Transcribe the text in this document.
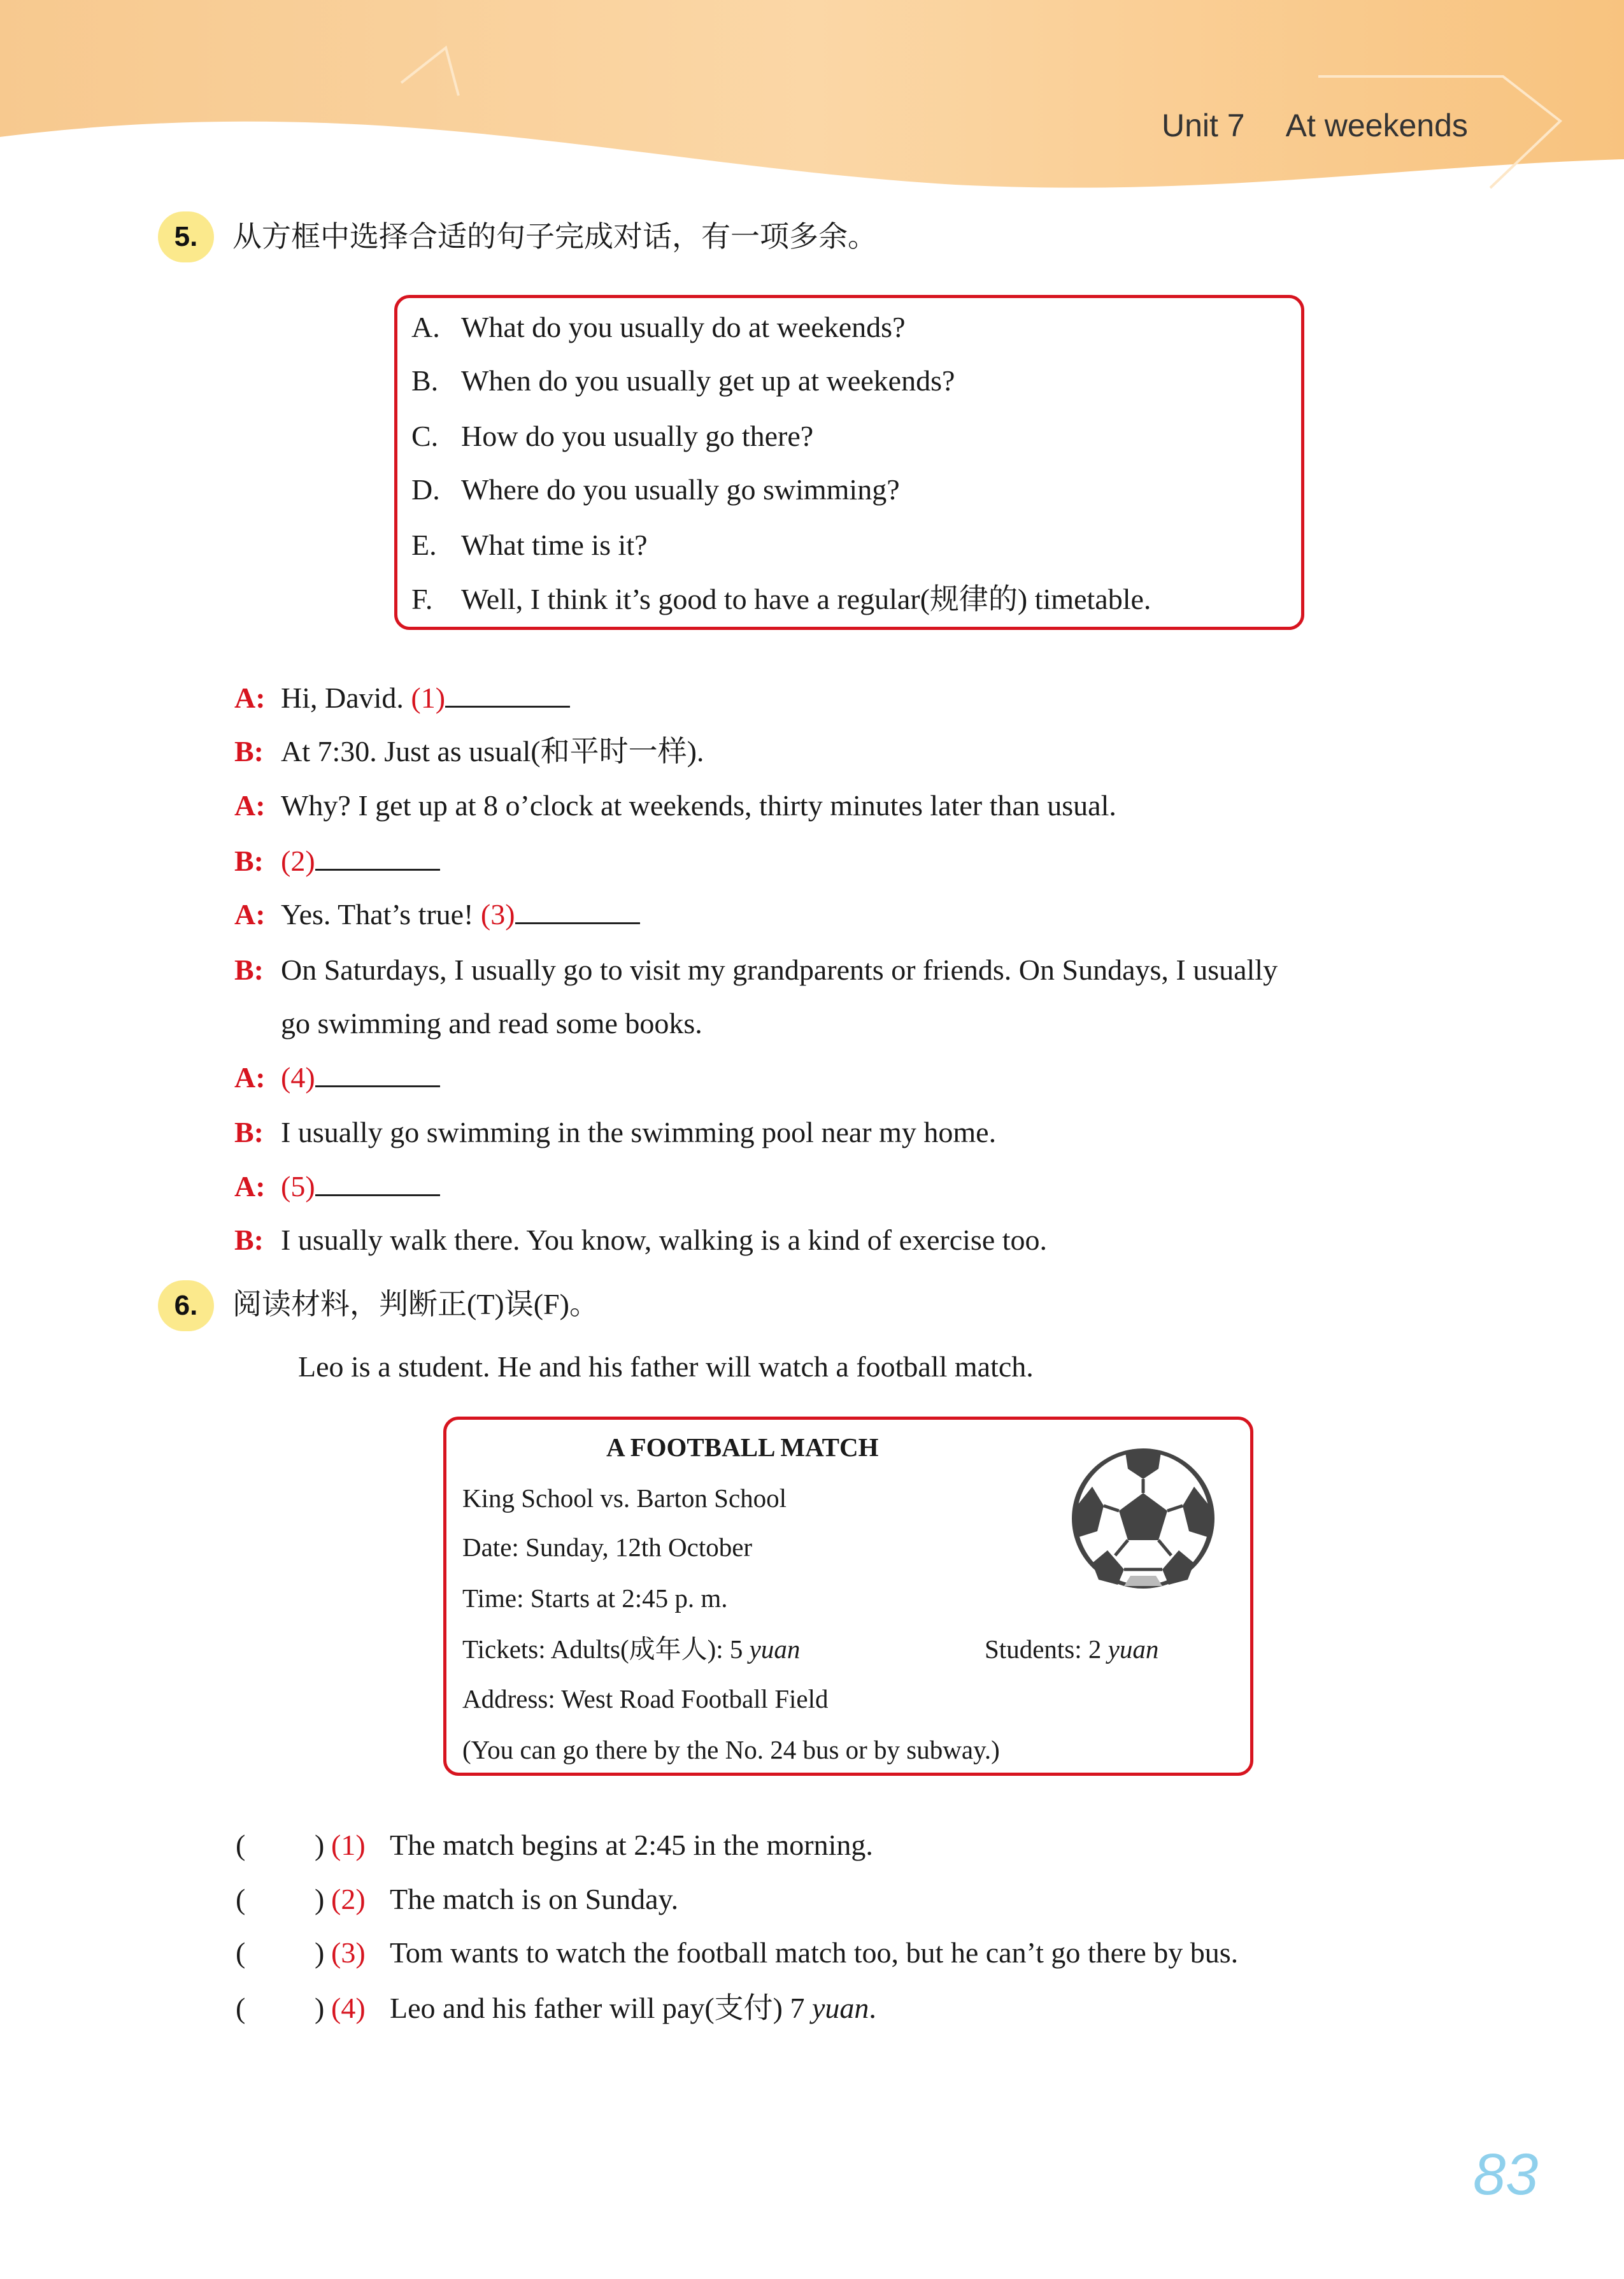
Unit 7 At weekends
5.	从方框中选择合适的句子完成对话，有一项多余。
A. What do you usually do at weekends?
B. When do you usually get up at weekends?
C. How do you usually go there?
D. Where do you usually go swimming?
E. What time is it?
F. Well, I think it’s good to have a regular(规律的) timetable.
A: Hi, David. (1)
B: At 7:30. Just as usual(和平时一样).
A: Why? I get up at 8 o’clock at weekends, thirty minutes later than usual.
B: (2)
A: Yes. That’s true! (3)
B: On Saturdays, I usually go to visit my grandparents or friends. On Sundays, I usually
go swimming and read some books.
A: (4)
B: I usually go swimming in the swimming pool near my home.
A: (5)
B: I usually walk there. You know, walking is a kind of exercise too.
6.	阅读材料，判断正(T)误(F)。
Leo is a student. He and his father will watch a football match.
A FOOTBALL MATCH
King School vs. Barton School
Date: Sunday, 12th October
Time: Starts at 2:45 p. m.
Tickets: Adults(成年人): 5 yuan	Students: 2 yuan
Address: West Road Football Field
(You can go there by the No. 24 bus or by subway.)
( ) (1) The match begins at 2:45 in the morning.
( ) (2) The match is on Sunday.
( ) (3) Tom wants to watch the football match too, but he can’t go there by bus.
( ) (4) Leo and his father will pay(支付) 7 yuan.
83
